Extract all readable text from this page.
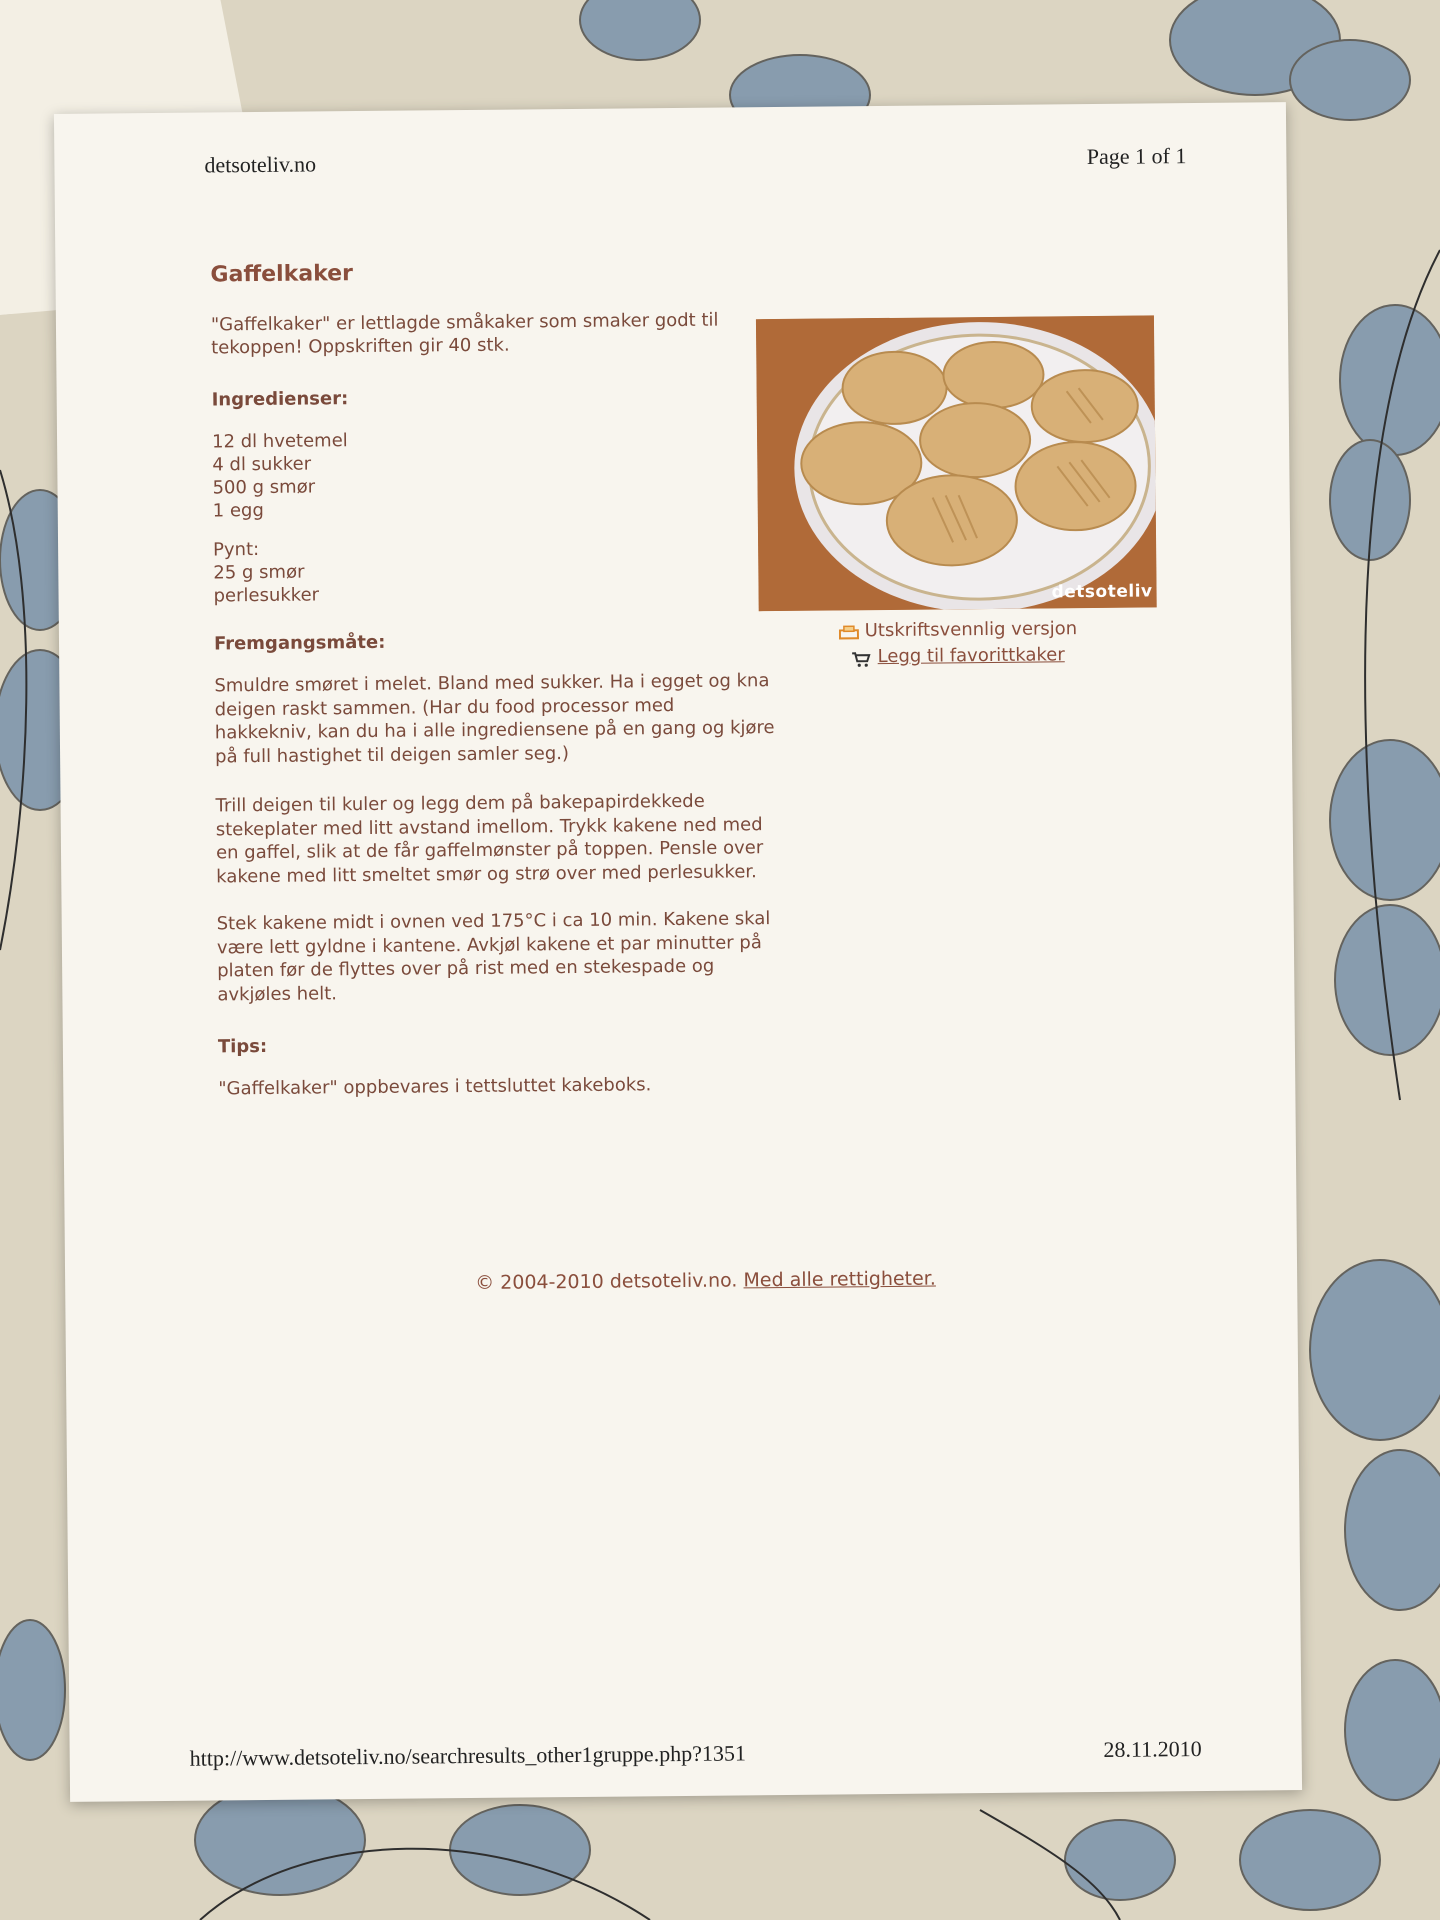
detsoteliv.no	Page 1 of 1
Gaffelkaker
"Gaffelkaker" er lettlagde småkaker som smaker godt til tekoppen! Oppskriften gir 40 stk.
Ingredienser:
12 dl hvetemel
4 dl sukker
500 g smør
1 egg
Pynt:
25 g smør
perlesukker
Fremgangsmåte:
Smuldre smøret i melet. Bland med sukker. Ha i egget og kna deigen raskt sammen. (Har du food processor med hakkekniv, kan du ha i alle ingrediensene på en gang og kjøre på full hastighet til deigen samler seg.)
Trill deigen til kuler og legg dem på bakepapirdekkede stekeplater med litt avstand imellom. Trykk kakene ned med en gaffel, slik at de får gaffelmønster på toppen. Pensle over kakene med litt smeltet smør og strø over med perlesukker.
Stek kakene midt i ovnen ved 175°C i ca 10 min. Kakene skal være lett gyldne i kantene. Avkjøl kakene et par minutter på platen før de flyttes over på rist med en stekespade og avkjøles helt.
Tips:
"Gaffelkaker" oppbevares i tettsluttet kakeboks.
detsoteliv
Utskriftsvennlig versjon
Legg til favorittkaker
© 2004-2010 detsoteliv.no. Med alle rettigheter.
http://www.detsoteliv.no/searchresults_other1gruppe.php?1351	28.11.2010
